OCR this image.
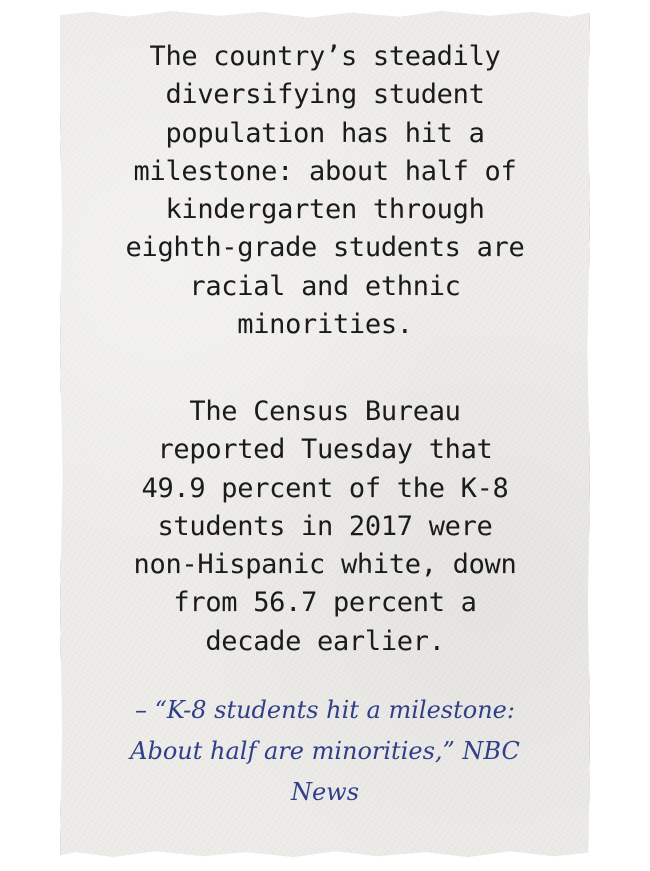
The country’s steadily
diversifying student
population has hit a
milestone: about half of
kindergarten through
eighth-grade students are
racial and ethnic
minorities.

The Census Bureau
reported Tuesday that
49.9 percent of the K-8
students in 2017 were
non-Hispanic white, down
from 56.7 percent a
decade earlier.

– “K-8 students hit a milestone:
About half are minorities,” NBC
News
